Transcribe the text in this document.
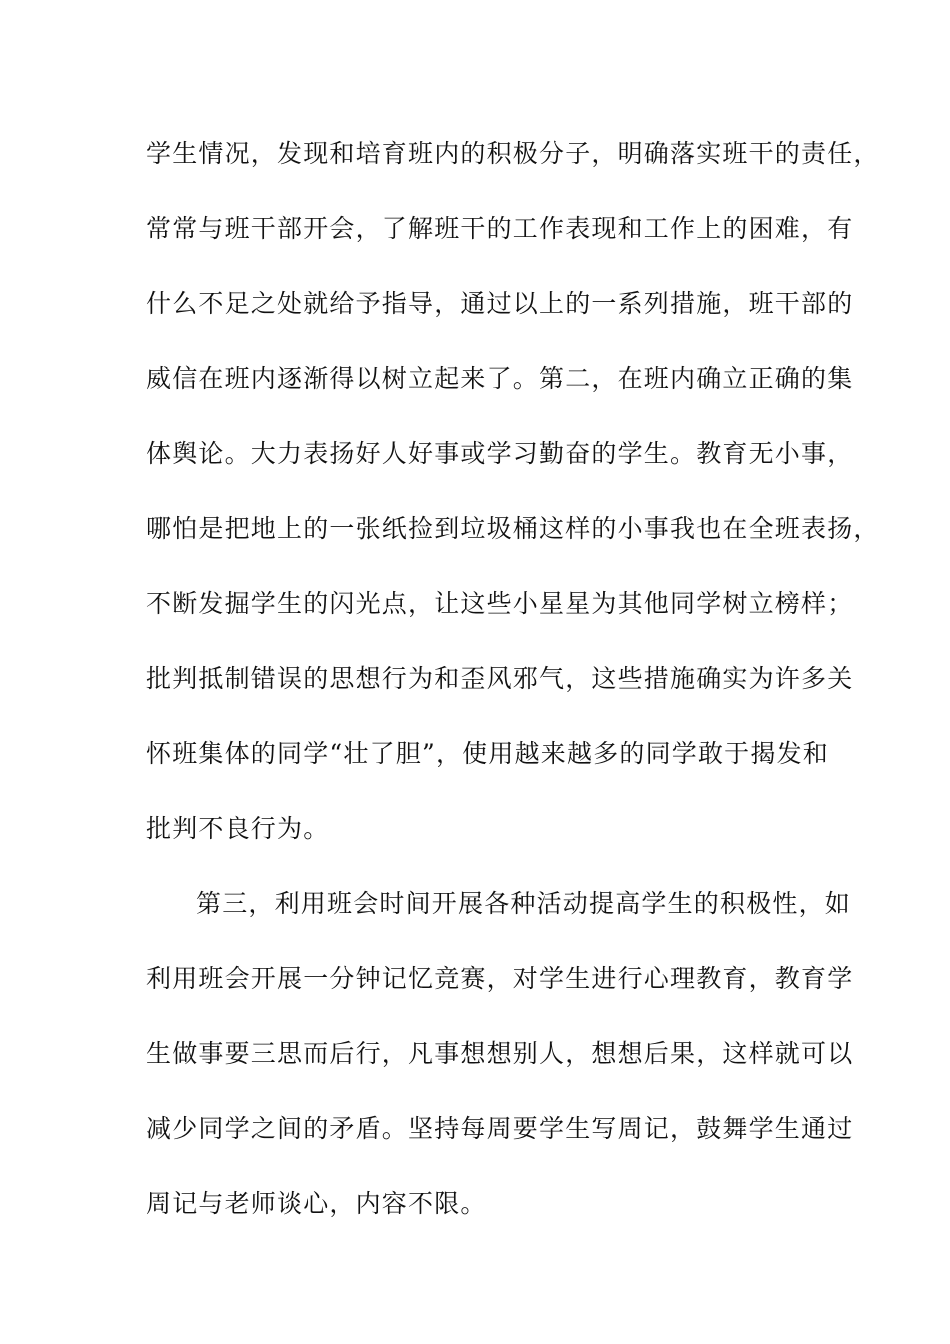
学生情况，发现和培育班内的积极分子，明确落实班干的责任，
常常与班干部开会，了解班干的工作表现和工作上的困难，有
什么不足之处就给予指导，通过以上的一系列措施，班干部的
威信在班内逐渐得以树立起来了。第二，在班内确立正确的集
体舆论。大力表扬好人好事或学习勤奋的学生。教育无小事，
哪怕是把地上的一张纸捡到垃圾桶这样的小事我也在全班表扬，
不断发掘学生的闪光点，让这些小星星为其他同学树立榜样；
批判抵制错误的思想行为和歪风邪气，这些措施确实为许多关
怀班集体的同学“壮了胆”，使用越来越多的同学敢于揭发和
批判不良行为。
第三，利用班会时间开展各种活动提高学生的积极性，如
利用班会开展一分钟记忆竞赛，对学生进行心理教育，教育学
生做事要三思而后行，凡事想想别人，想想后果，这样就可以
减少同学之间的矛盾。坚持每周要学生写周记，鼓舞学生通过
周记与老师谈心，内容不限。
